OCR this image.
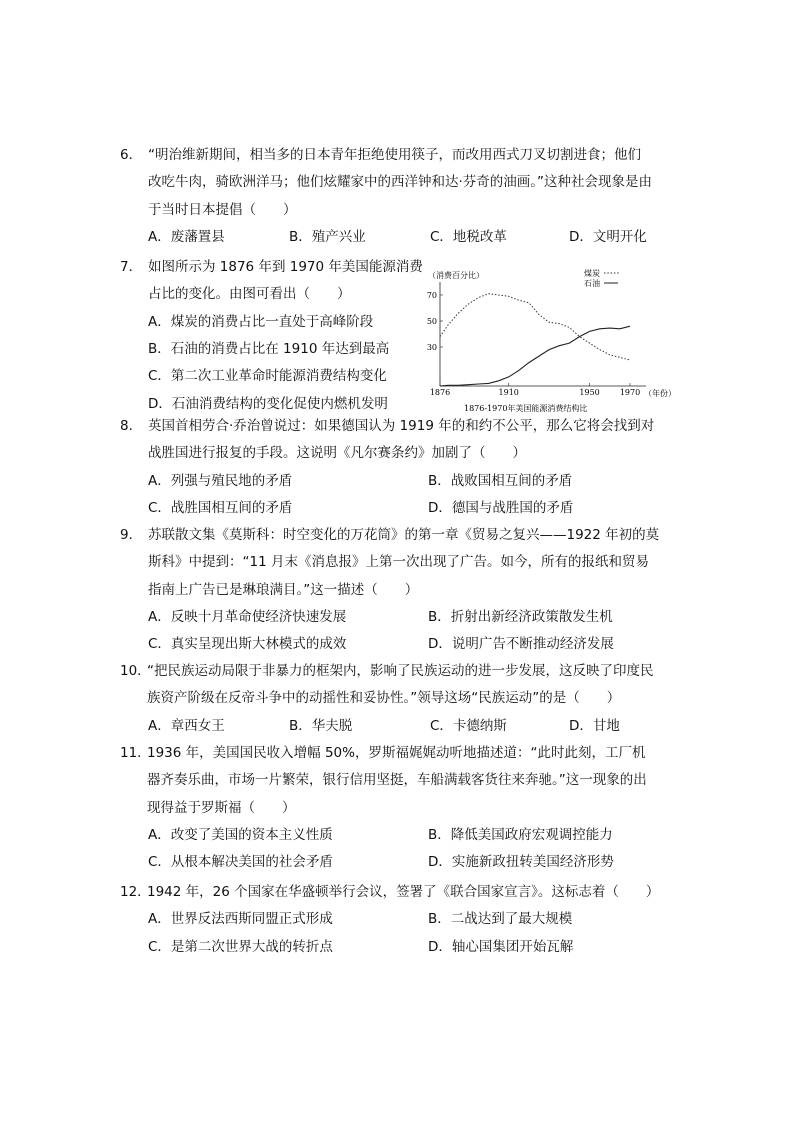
6． “明治维新期间，相当多的日本青年拒绝使用筷子，而改用西式刀叉切割进食；他们
改吃牛肉，骑欧洲洋马；他们炫耀家中的西洋钟和达·芬奇的油画。”这种社会现象是由
于当时日本提倡（　　）
A．废藩置县	B．殖产兴业	C．地税改革	D．文明开化
7． 如图所示为 1876 年到 1970 年美国能源消费
占比的变化。由图可看出（　　）
A．煤炭的消费占比一直处于高峰阶段
B．石油的消费占比在 1910 年达到最高
C．第二次工业革命时能源消费结构变化
D．石油消费结构的变化促使内燃机发明
8． 英国首相劳合·乔治曾说过：如果德国认为 1919 年的和约不公平，那么它将会找到对
战胜国进行报复的手段。这说明《凡尔赛条约》加剧了（　　）
A．列强与殖民地的矛盾	B．战败国相互间的矛盾
C．战胜国相互间的矛盾	D．德国与战胜国的矛盾
9． 苏联散文集《莫斯科：时空变化的万花筒》的第一章《贸易之复兴——1922 年初的莫
斯科》中提到：“11 月末《消息报》上第一次出现了广告。如今，所有的报纸和贸易
指南上广告已是琳琅满目。”这一描述（　　）
A．反映十月革命使经济快速发展	B．折射出新经济政策散发生机
C．真实呈现出斯大林模式的成效	D．说明广告不断推动经济发展
10．
“把民族运动局限于非暴力的框架内，影响了民族运动的进一步发展，这反映了印度民
族资产阶级在反帝斗争中的动摇性和妥协性。”领导这场“民族运动”的是（　　）
A．章西女王	B．华夫脱	C．卡德纳斯	D．甘地
11．
1936 年，美国国民收入增幅 50%，罗斯福娓娓动听地描述道：“此时此刻，工厂机
器齐奏乐曲，市场一片繁荣，银行信用坚挺，车船满载客货往来奔驰。”这一现象的出
现得益于罗斯福（　　）
A．改变了美国的资本主义性质	B．降低美国政府宏观调控能力
C．从根本解决美国的社会矛盾	D．实施新政扭转美国经济形势
12．
1942 年，26 个国家在华盛顿举行会议，签署了《联合国家宣言》。这标志着（　　）
A．世界反法西斯同盟正式形成	B．二战达到了最大规模
C．是第二次世界大战的转折点	D．轴心国集团开始瓦解
（消费百分比）
30
50
70
1876	1910	1950	1970
煤炭
石油
（年份）
1876-1970年美国能源消费结构比
